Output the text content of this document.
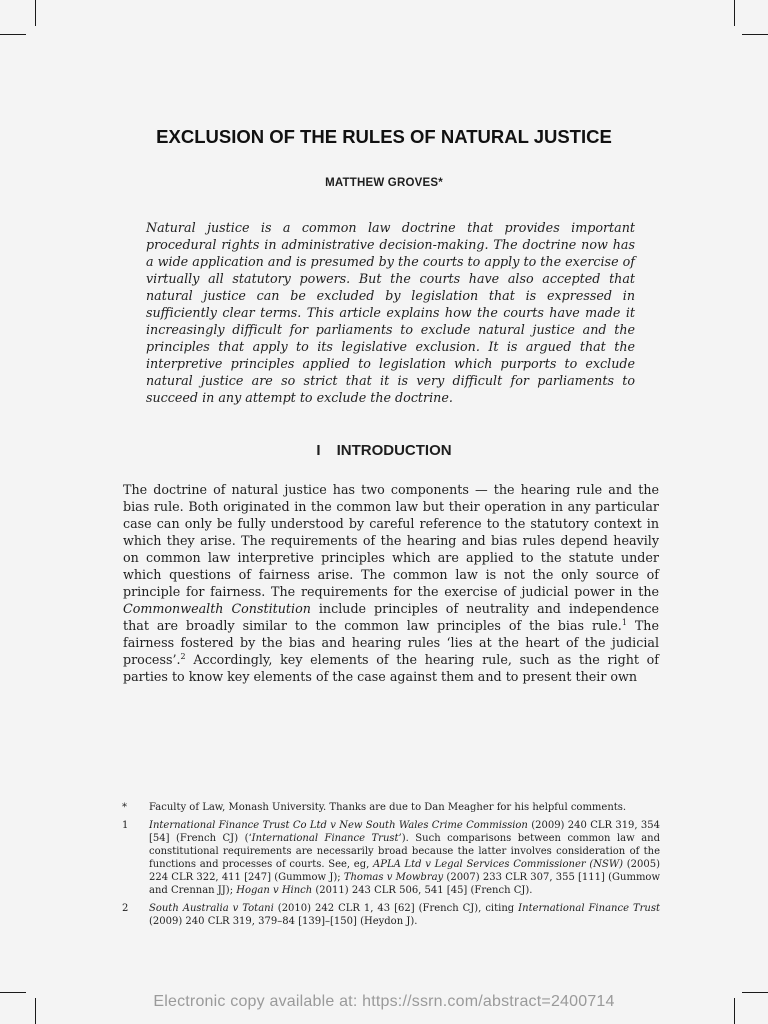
EXCLUSION OF THE RULES OF NATURAL JUSTICE
MATTHEW GROVES*

Natural justice is a common law doctrine that provides important procedural rights in administrative decision-making. The doctrine now has a wide application and is presumed by the courts to apply to the exercise of virtually all statutory powers. But the courts have also accepted that natural justice can be excluded by legislation that is expressed in sufficiently clear terms. This article explains how the courts have made it increasingly difficult for parliaments to exclude natural justice and the principles that apply to its legislative exclusion. It is argued that the interpretive principles applied to legislation which purports to exclude natural justice are so strict that it is very difficult for parliaments to succeed in any attempt to exclude the doctrine.

I INTRODUCTION

The doctrine of natural justice has two components — the hearing rule and the bias rule. Both originated in the common law but their operation in any particular case can only be fully understood by careful reference to the statutory context in which they arise. The requirements of the hearing and bias rules depend heavily on common law interpretive principles which are applied to the statute under which questions of fairness arise. The common law is not the only source of principle for fairness. The requirements for the exercise of judicial power in the Commonwealth Constitution include principles of neutrality and independence that are broadly similar to the common law principles of the bias rule.$^1$ The fairness fostered by the bias and hearing rules ‘lies at the heart of the judicial process’.$^2$ Accordingly, key elements of the hearing rule, such as the right of parties to know key elements of the case against them and to present their own

* Faculty of Law, Monash University. Thanks are due to Dan Meagher for his helpful comments.
1 International Finance Trust Co Ltd v New South Wales Crime Commission (2009) 240 CLR 319, 354 [54] (French CJ) (‘International Finance Trust’). Such comparisons between common law and constitutional requirements are necessarily broad because the latter involves consideration of the functions and processes of courts. See, eg, APLA Ltd v Legal Services Commissioner (NSW) (2005) 224 CLR 322, 411 [247] (Gummow J); Thomas v Mowbray (2007) 233 CLR 307, 355 [111] (Gummow and Crennan JJ); Hogan v Hinch (2011) 243 CLR 506, 541 [45] (French CJ).
2 South Australia v Totani (2010) 242 CLR 1, 43 [62] (French CJ), citing International Finance Trust (2009) 240 CLR 319, 379–84 [139]–[150] (Heydon J).
Electronic copy available at: https://ssrn.com/abstract=2400714
